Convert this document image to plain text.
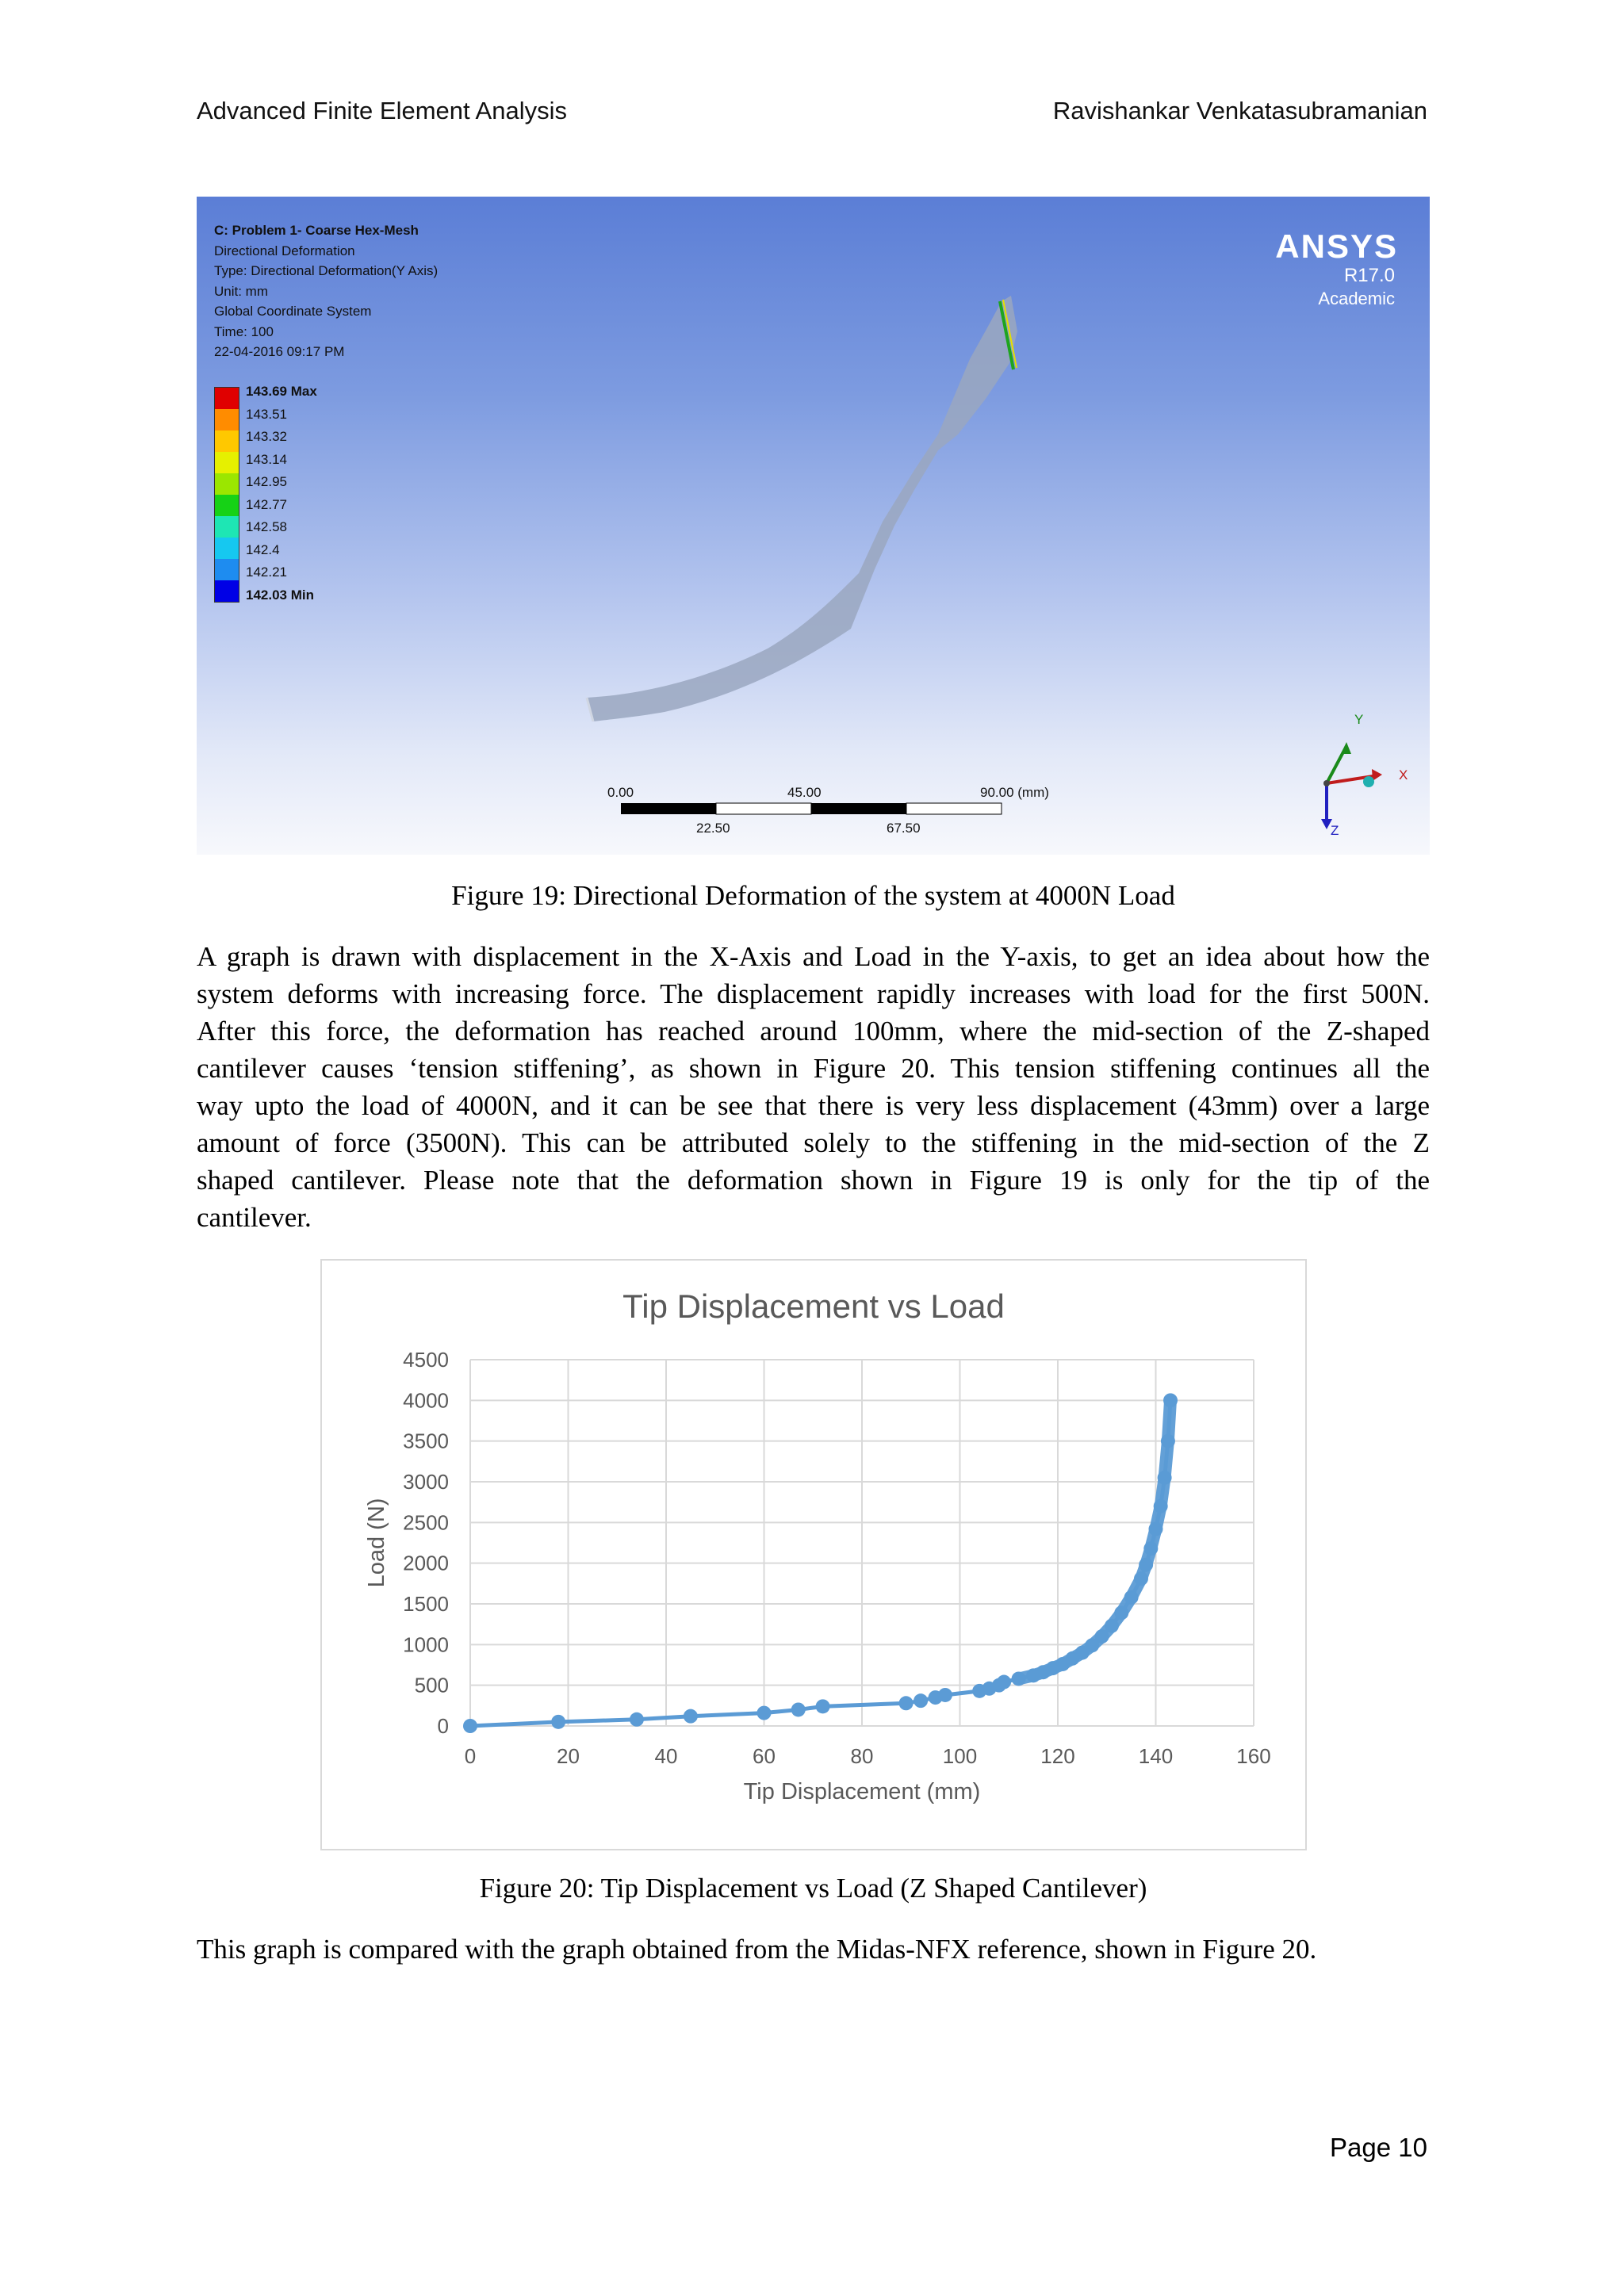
Advanced Finite Element Analysis	Ravishankar Venkatasubramanian
C: Problem 1- Coarse Hex-Mesh
Directional Deformation
Type: Directional Deformation(Y Axis)
Unit: mm
Global Coordinate System
Time: 100
22-04-2016 09:17 PM
ANSYS
R17.0
Academic
143.69 Max
143.51
143.32
143.14
142.95
142.77
142.58
142.4
142.21
142.03 Min
0.00	45.00	90.00 (mm)
22.50	67.50
Y
X
Z
Figure 19: Directional Deformation of the system at 4000N Load
A graph is drawn with displacement in the X-Axis and Load in the Y-axis, to get an idea about how the
system deforms with increasing force. The displacement rapidly increases with load for the first 500N.
After this force, the deformation has reached around 100mm, where the mid-section of the Z-shaped
cantilever causes ‘tension stiffening’, as shown in Figure 20. This tension stiffening continues all the
way upto the load of 4000N, and it can be see that there is very less displacement (43mm) over a large
amount of force (3500N). This can be attributed solely to the stiffening in the mid-section of the Z
shaped cantilever. Please note that the deformation shown in Figure 19 is only for the tip of the
cantilever.
0
500
1000
1500
2000
2500
3000
3500
4000
4500
0	20	40	60	80	100	120	140	160
Tip Displacement vs Load
Tip Displacement (mm)
Load (N)
Figure 20: Tip Displacement vs Load (Z Shaped Cantilever)
This graph is compared with the graph obtained from the Midas-NFX reference, shown in Figure 20.
Page 10
